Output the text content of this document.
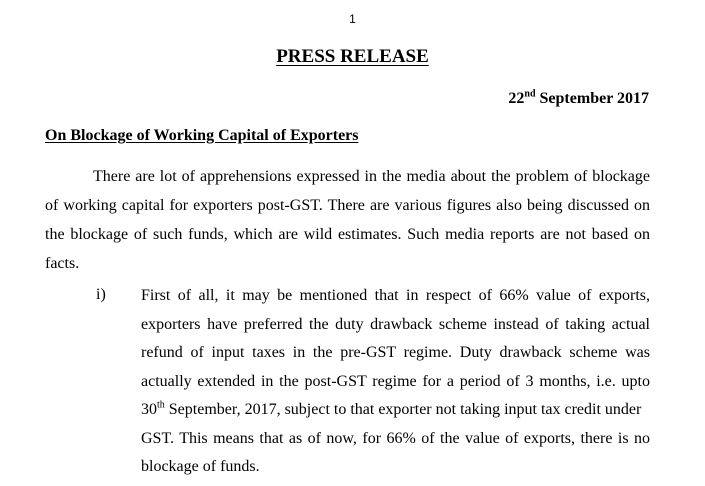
1
PRESS RELEASE
22nd September 2017
On Blockage of Working Capital of Exporters
There are lot of apprehensions expressed in the media about the problem of blockage
of working capital for exporters post-GST. There are various figures also being discussed on
the blockage of such funds, which are wild estimates. Such media reports are not based on
facts.
i) First of all, it may be mentioned that in respect of 66% value of exports,
exporters have preferred the duty drawback scheme instead of taking actual
refund of input taxes in the pre-GST regime. Duty drawback scheme was
actually extended in the post-GST regime for a period of 3 months, i.e. upto
30th September, 2017, subject to that exporter not taking input tax credit under
GST. This means that as of now, for 66% of the value of exports, there is no
blockage of funds.
